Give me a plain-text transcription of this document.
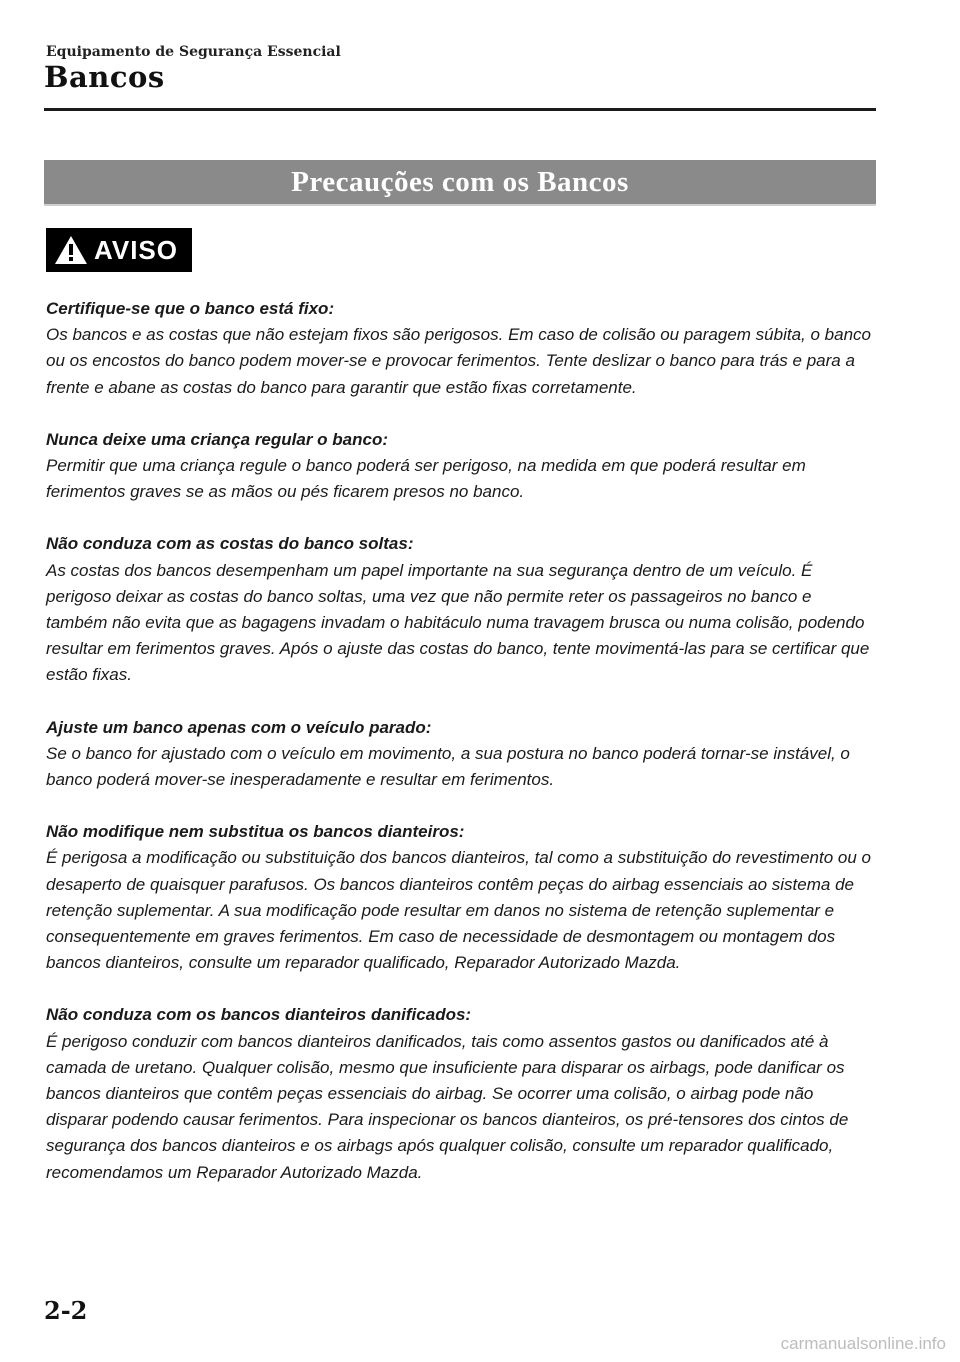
Equipamento de Segurança Essencial
Bancos
Precauções com os Bancos
AVISO
Certifique-se que o banco está fixo:

Os bancos e as costas que não estejam fixos são perigosos. Em caso de colisão ou paragem súbita, o banco ou os encostos do banco podem mover-se e provocar ferimentos. Tente deslizar o banco para trás e para a frente e abane as costas do banco para garantir que estão fixas corretamente.

Nunca deixe uma criança regular o banco:

Permitir que uma criança regule o banco poderá ser perigoso, na medida em que poderá resultar em ferimentos graves se as mãos ou pés ficarem presos no banco.

Não conduza com as costas do banco soltas:

As costas dos bancos desempenham um papel importante na sua segurança dentro de um veículo. É perigoso deixar as costas do banco soltas, uma vez que não permite reter os passageiros no banco e também não evita que as bagagens invadam o habitáculo numa travagem brusca ou numa colisão, podendo resultar em ferimentos graves. Após o ajuste das costas do banco, tente movimentá-las para se certificar que estão fixas.

Ajuste um banco apenas com o veículo parado:

Se o banco for ajustado com o veículo em movimento, a sua postura no banco poderá tornar-se instável, o banco poderá mover-se inesperadamente e resultar em ferimentos.

Não modifique nem substitua os bancos dianteiros:

É perigosa a modificação ou substituição dos bancos dianteiros, tal como a substituição do revestimento ou o desaperto de quaisquer parafusos. Os bancos dianteiros contêm peças do airbag essenciais ao sistema de retenção suplementar. A sua modificação pode resultar em danos no sistema de retenção suplementar e consequentemente em graves ferimentos. Em caso de necessidade de desmontagem ou montagem dos bancos dianteiros, consulte um reparador qualificado, Reparador Autorizado Mazda.

Não conduza com os bancos dianteiros danificados:

É perigoso conduzir com bancos dianteiros danificados, tais como assentos gastos ou danificados até à camada de uretano. Qualquer colisão, mesmo que insuficiente para disparar os airbags, pode danificar os bancos dianteiros que contêm peças essenciais do airbag. Se ocorrer uma colisão, o airbag pode não disparar podendo causar ferimentos. Para inspecionar os bancos dianteiros, os pré-tensores dos cintos de segurança dos bancos dianteiros e os airbags após qualquer colisão, consulte um reparador qualificado, recomendamos um Reparador Autorizado Mazda.

2-2
carmanualsonline.info
